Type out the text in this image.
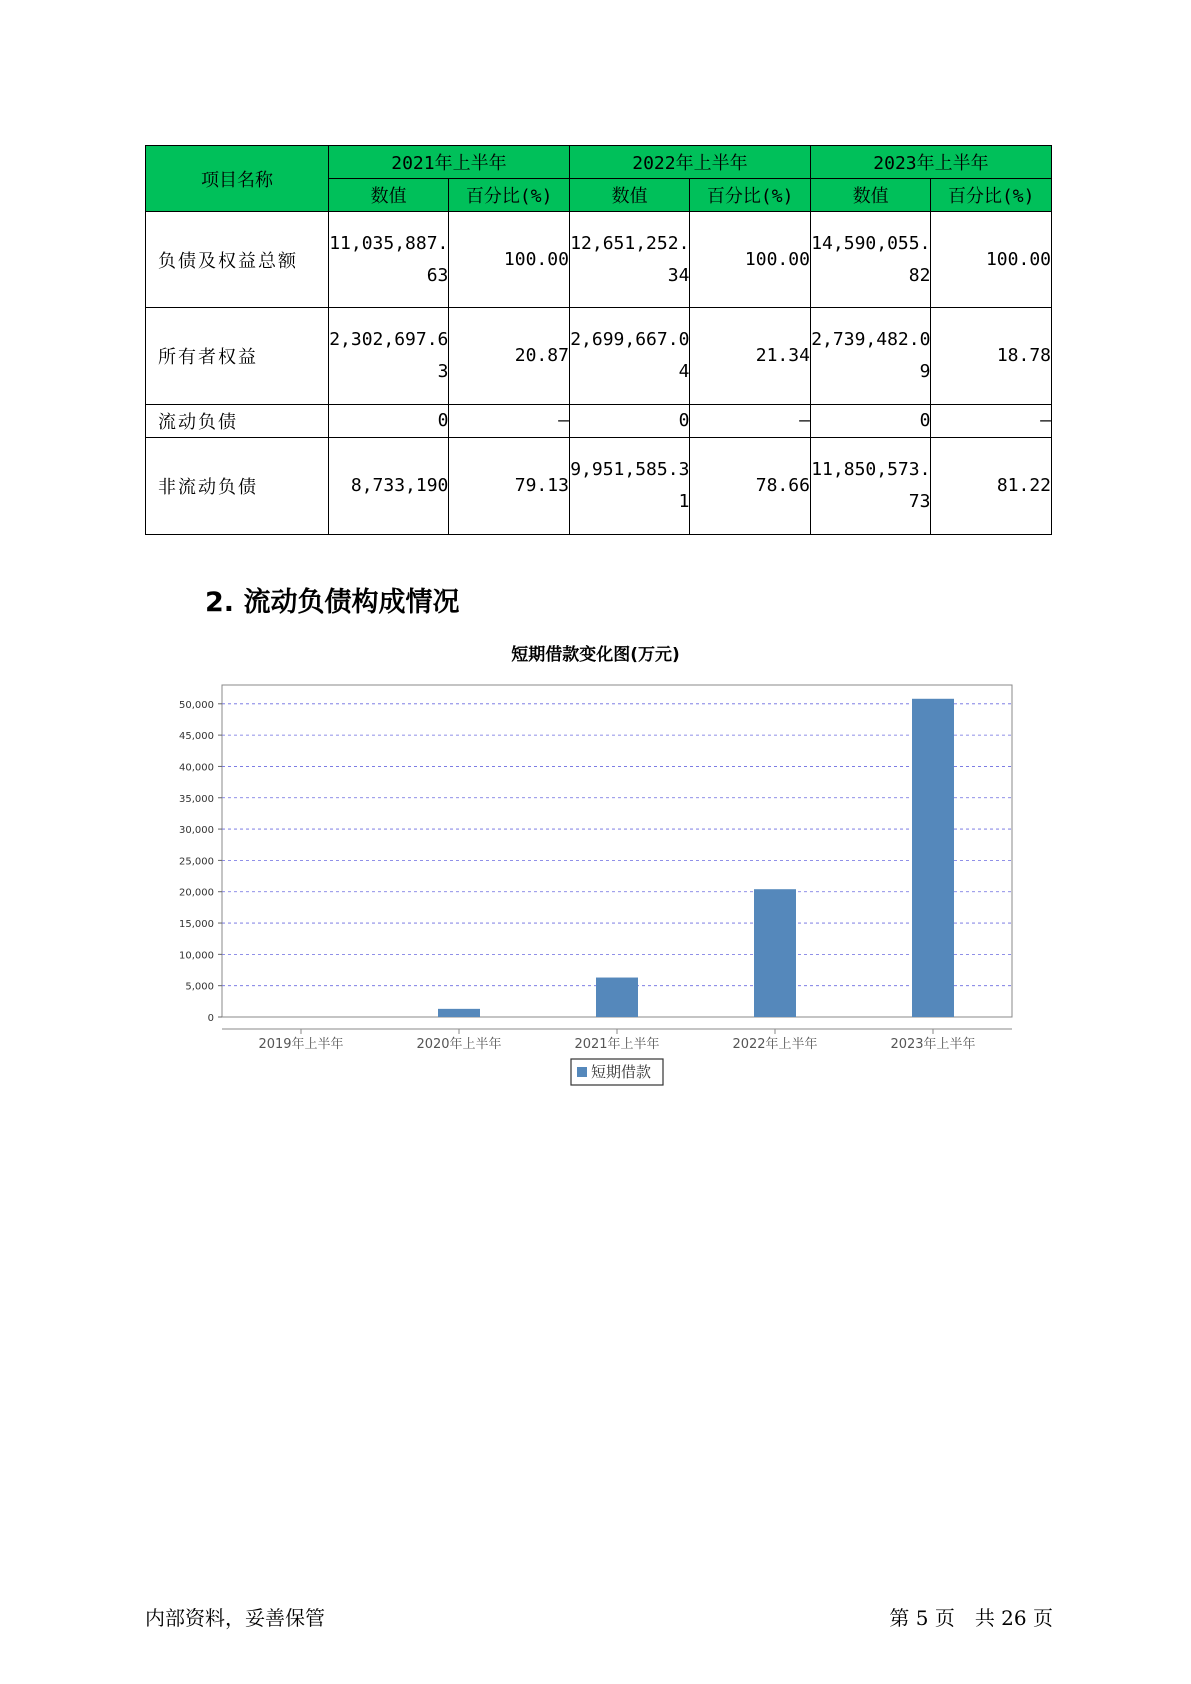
项目名称	2021年上半年		2022年上半年		2023年上半年	
	数值	百分比(%)	数值	百分比(%)	数值	百分比(%)
负债及权益总额	11,035,887.63	100.00	12,651,252.34	100.00	14,590,055.82	100.00
所有者权益	2,302,697.63	20.87	2,699,667.04	21.34	2,739,482.09	18.78
流动负债	0	–	0	–	0	–
非流动负债	8,733,190	79.13	9,951,585.31	78.66	11,850,573.73	81.22
2. 流动负债构成情况
短期借款变化图(万元)
0
5,000
10,000
15,000
20,000
25,000
30,000
35,000
40,000
45,000
50,000
2019年上半年	2020年上半年	2021年上半年	2022年上半年	2023年上半年
短期借款
内部资料，妥善保管	第 5 页　共 26 页
